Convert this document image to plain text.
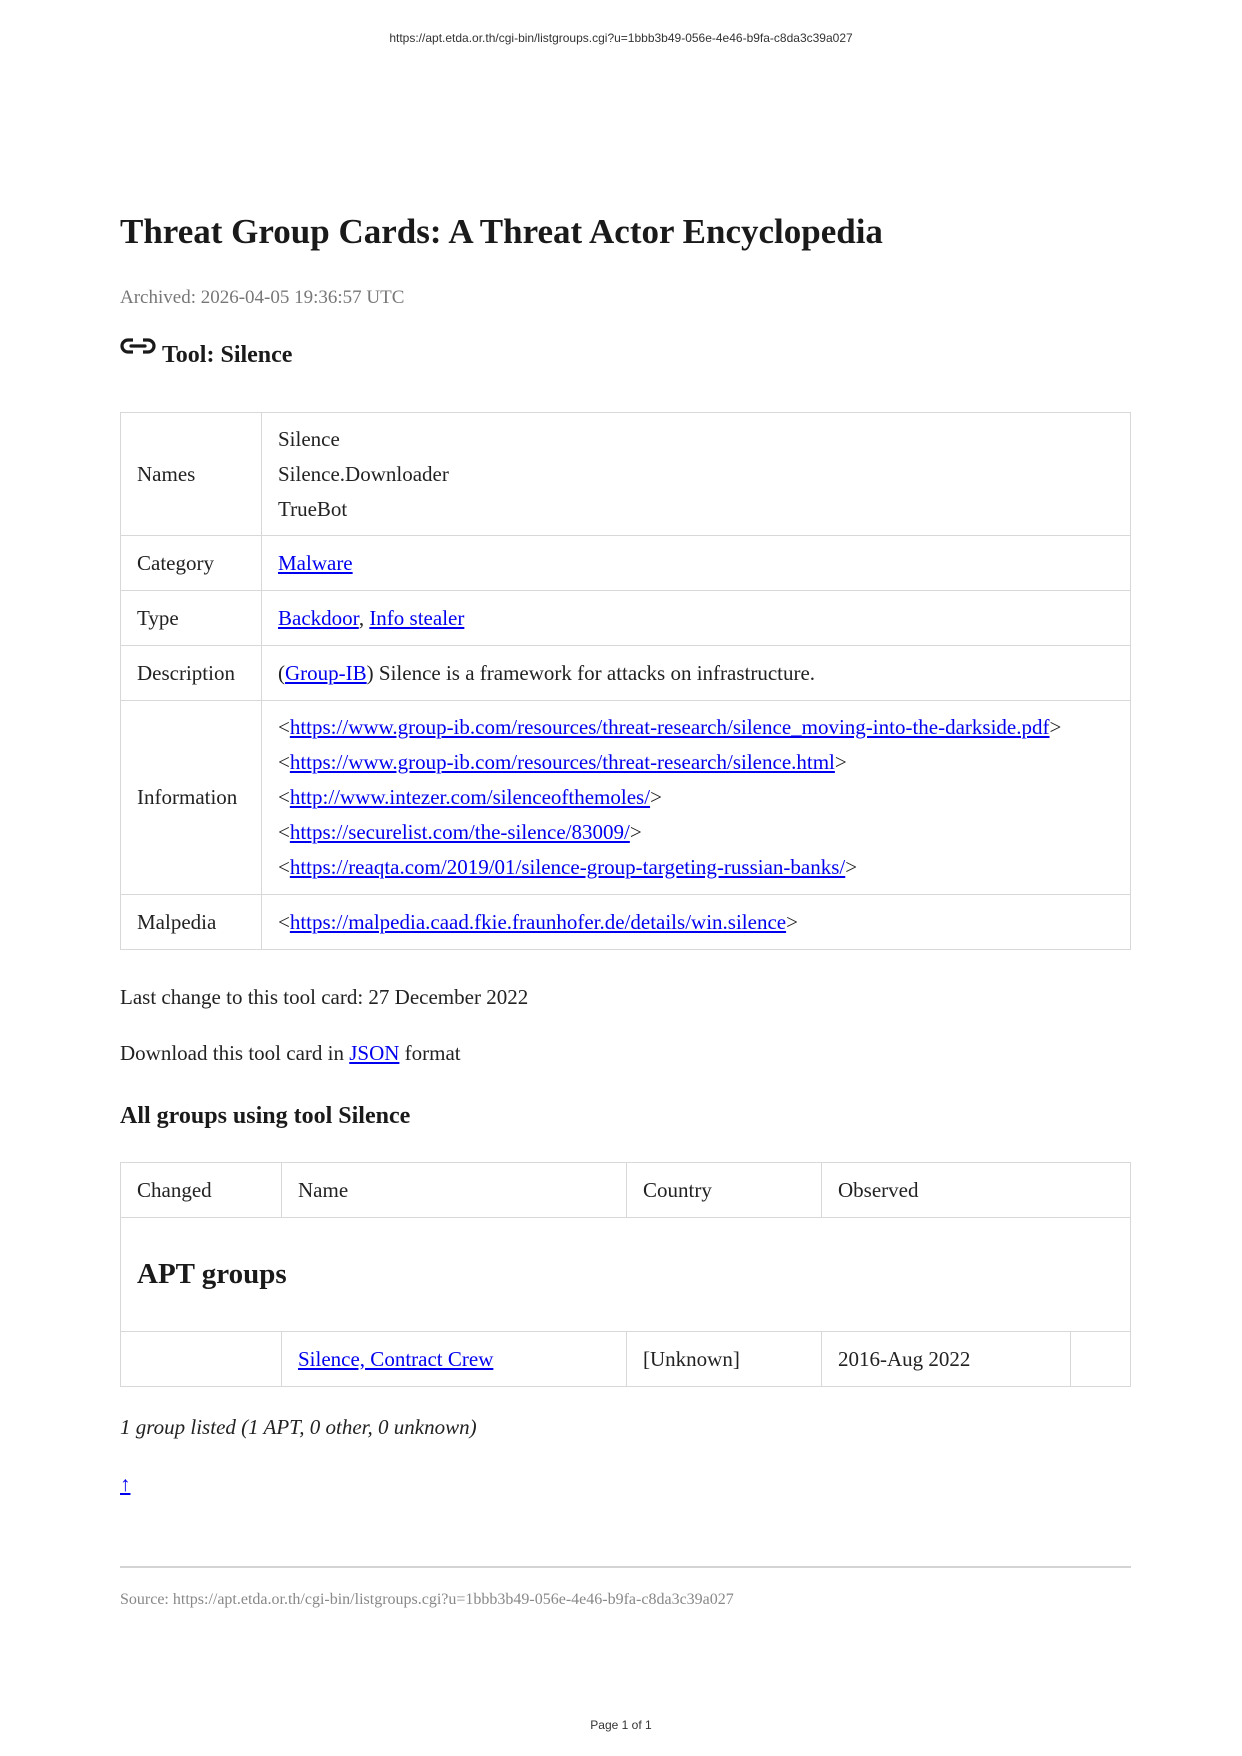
https://apt.etda.or.th/cgi-bin/listgroups.cgi?u=1bbb3b49-056e-4e46-b9fa-c8da3c39a027
Threat Group Cards: A Threat Actor Encyclopedia
Archived: 2026-04-05 19:36:57 UTC
Tool: Silence
Names	Silence
Silence.Downloader
TrueBot

Category	Malware
Type	Backdoor, Info stealer
Description	(Group-IB) Silence is a framework for attacks on infrastructure.
Information	<https://www.group-ib.com/resources/threat-research/silence_moving-into-the-darkside.pdf>
<https://www.group-ib.com/resources/threat-research/silence.html>
<http://www.intezer.com/silenceofthemoles/>
<https://securelist.com/the-silence/83009/>
<https://reaqta.com/2019/01/silence-group-targeting-russian-banks/>

Malpedia	<https://malpedia.caad.fkie.fraunhofer.de/details/win.silence>
Last change to this tool card: 27 December 2022
Download this tool card in JSON format
All groups using tool Silence
Changed	Name	Country	Observed	
APT groups				
	Silence, Contract Crew	[Unknown]	2016-Aug 2022	
1 group listed (1 APT, 0 other, 0 unknown)
↑
Source: https://apt.etda.or.th/cgi-bin/listgroups.cgi?u=1bbb3b49-056e-4e46-b9fa-c8da3c39a027
Page 1 of 1
